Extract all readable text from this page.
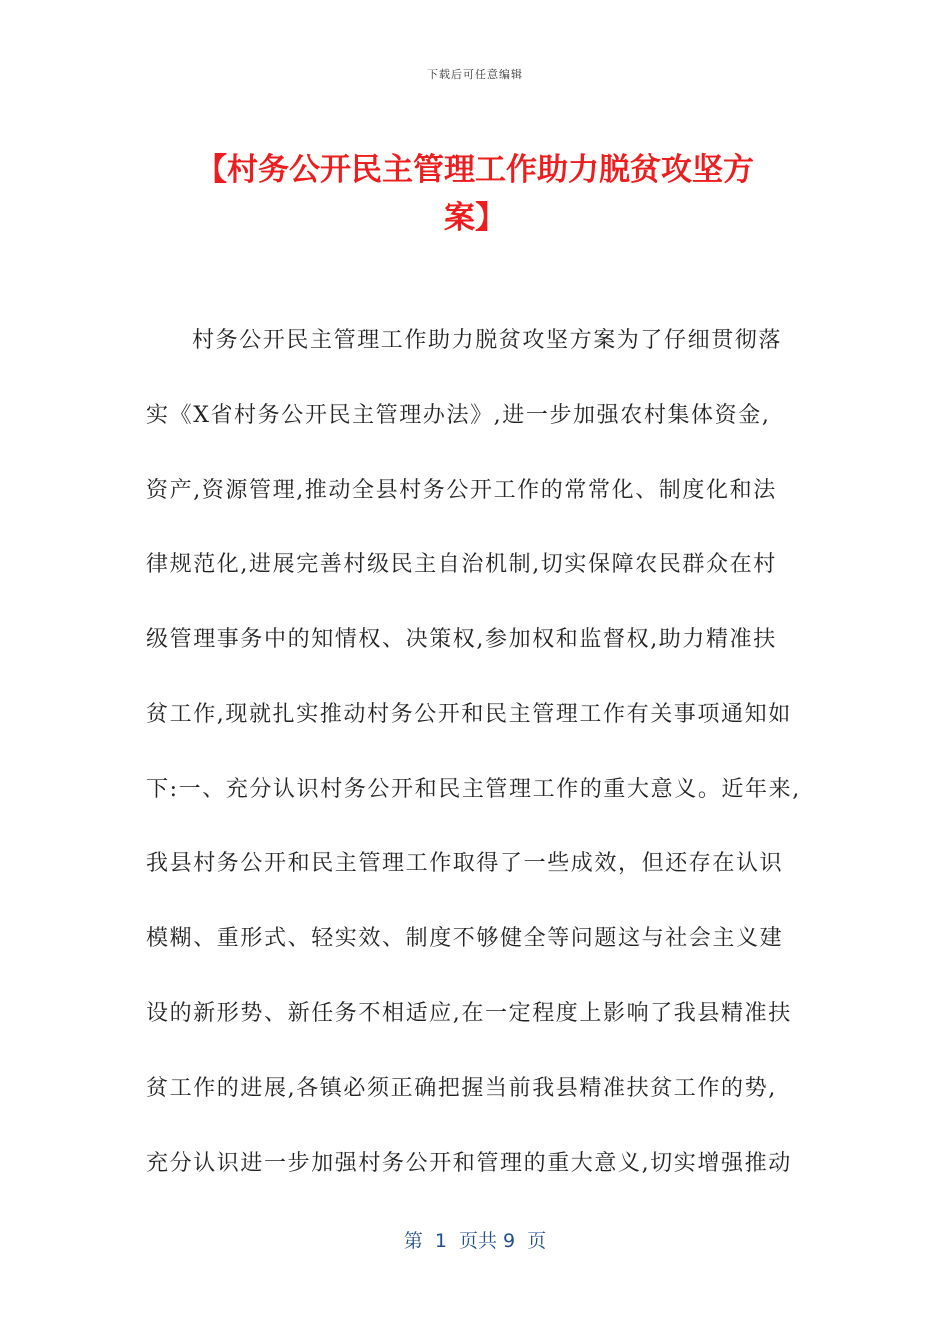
下载后可任意编辑
【村务公开民主管理工作助力脱贫攻坚方
案】
村务公开民主管理工作助力脱贫攻坚方案为了仔细贯彻落
实《X省村务公开民主管理办法》,进一步加强农村集体资金,
资产,资源管理,推动全县村务公开工作的常常化、制度化和法
律规范化,进展完善村级民主自治机制,切实保障农民群众在村
级管理事务中的知情权、决策权,参加权和监督权,助力精准扶
贫工作,现就扎实推动村务公开和民主管理工作有关事项通知如
下:一、充分认识村务公开和民主管理工作的重大意义。近年来,
我县村务公开和民主管理工作取得了一些成效，但还存在认识
模糊、重形式、轻实效、制度不够健全等问题这与社会主义建
设的新形势、新任务不相适应,在一定程度上影响了我县精准扶
贫工作的进展,各镇必须正确把握当前我县精准扶贫工作的势,
充分认识进一步加强村务公开和管理的重大意义,切实增强推动
第  1  页共 9  页
